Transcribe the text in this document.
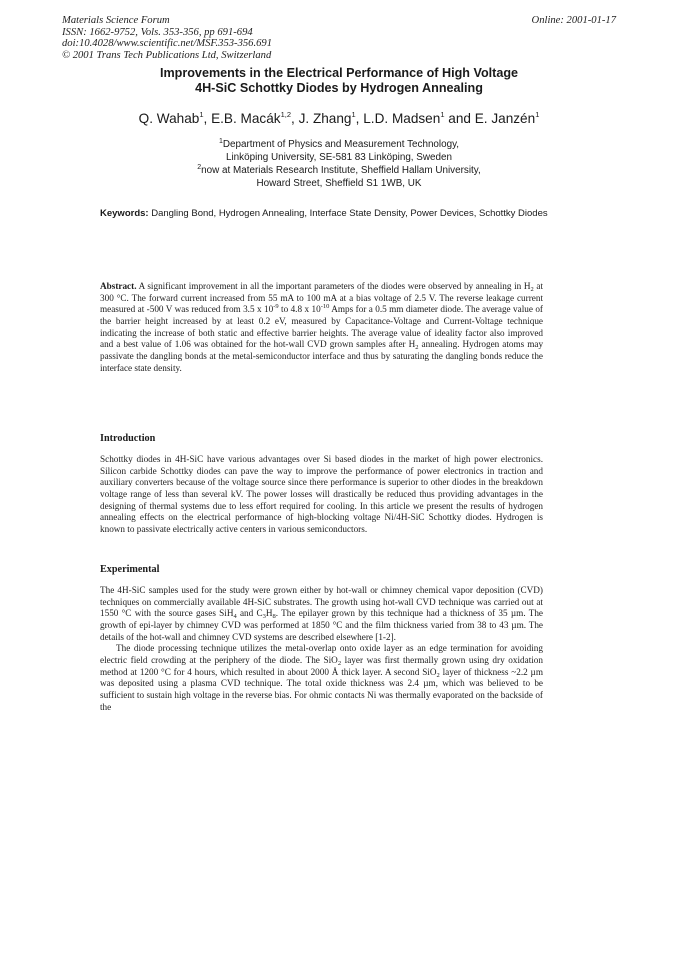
Materials Science Forum
ISSN: 1662-9752, Vols. 353-356, pp 691-694
doi:10.4028/www.scientific.net/MSF.353-356.691
© 2001 Trans Tech Publications Ltd, Switzerland
Online: 2001-01-17
Improvements in the Electrical Performance of High Voltage
4H-SiC Schottky Diodes by Hydrogen Annealing
Q. Wahab$^1$, E.B. Macák$^{1,2}$, J. Zhang$^1$, L.D. Madsen$^1$ and E. Janzén$^1$
$^1$Department of Physics and Measurement Technology,
Linköping University, SE-581 83 Linköping, Sweden
$^2$now at Materials Research Institute, Sheffield Hallam University,
Howard Street, Sheffield S1 1WB, UK
Keywords: Dangling Bond, Hydrogen Annealing, Interface State Density, Power Devices, Schottky Diodes

Abstract. A significant improvement in all the important parameters of the diodes were observed by annealing in $H_2$ at 300 °C. The forward current increased from 55 mA to 100 mA at a bias voltage of 2.5 V. The reverse leakage current measured at -500 V was reduced from 3.5 x $10^{-9}$ to 4.8 x $10^{-10}$ Amps for a 0.5 mm diameter diode. The average value of the barrier height increased by at least 0.2 eV, measured by Capacitance-Voltage and Current-Voltage technique indicating the increase of both static and effective barrier heights. The average value of ideality factor also improved and a best value of 1.06 was obtained for the hot-wall CVD grown samples after $H_2$ annealing. Hydrogen atoms may passivate the dangling bonds at the metal-semiconductor interface and thus by saturating the dangling bonds reduce the interface state density.

Introduction

Schottky diodes in 4H-SiC have various advantages over Si based diodes in the market of high power electronics. Silicon carbide Schottky diodes can pave the way to improve the performance of power electronics in traction and auxiliary converters because of the voltage source since there performance is superior to other diodes in the breakdown voltage range of less than several kV. The power losses will drastically be reduced thus providing advantages in the designing of thermal systems due to less effort required for cooling. In this article we present the results of hydrogen annealing effects on the electrical performance of high-blocking voltage Ni/4H-SiC Schottky diodes. Hydrogen is known to passivate electrically active centers in various semiconductors.

Experimental

The 4H-SiC samples used for the study were grown either by hot-wall or chimney chemical vapor deposition (CVD) techniques on commercially available 4H-SiC substrates. The growth using hot-wall CVD technique was carried out at 1550 °C with the source gases SiH$_4$ and $C_3H_8$. The epilayer grown by this technique had a thickness of 35 µm. The growth of epi-layer by chimney CVD was performed at 1850 °C and the film thickness varied from 38 to 43 µm. The details of the hot-wall and chimney CVD systems are described elsewhere [1-2].

The diode processing technique utilizes the metal-overlap onto oxide layer as an edge termination for avoiding electric field crowding at the periphery of the diode. The SiO$_2$ layer was first thermally grown using dry oxidation method at 1200 °C for 4 hours, which resulted in about 2000 Å thick layer. A second SiO$_2$ layer of thickness ~2.2 µm was deposited using a plasma CVD technique. The total oxide thickness was 2.4 µm, which was believed to be sufficient to sustain high voltage in the reverse bias. For ohmic contacts Ni was thermally evaporated on the backside of the
